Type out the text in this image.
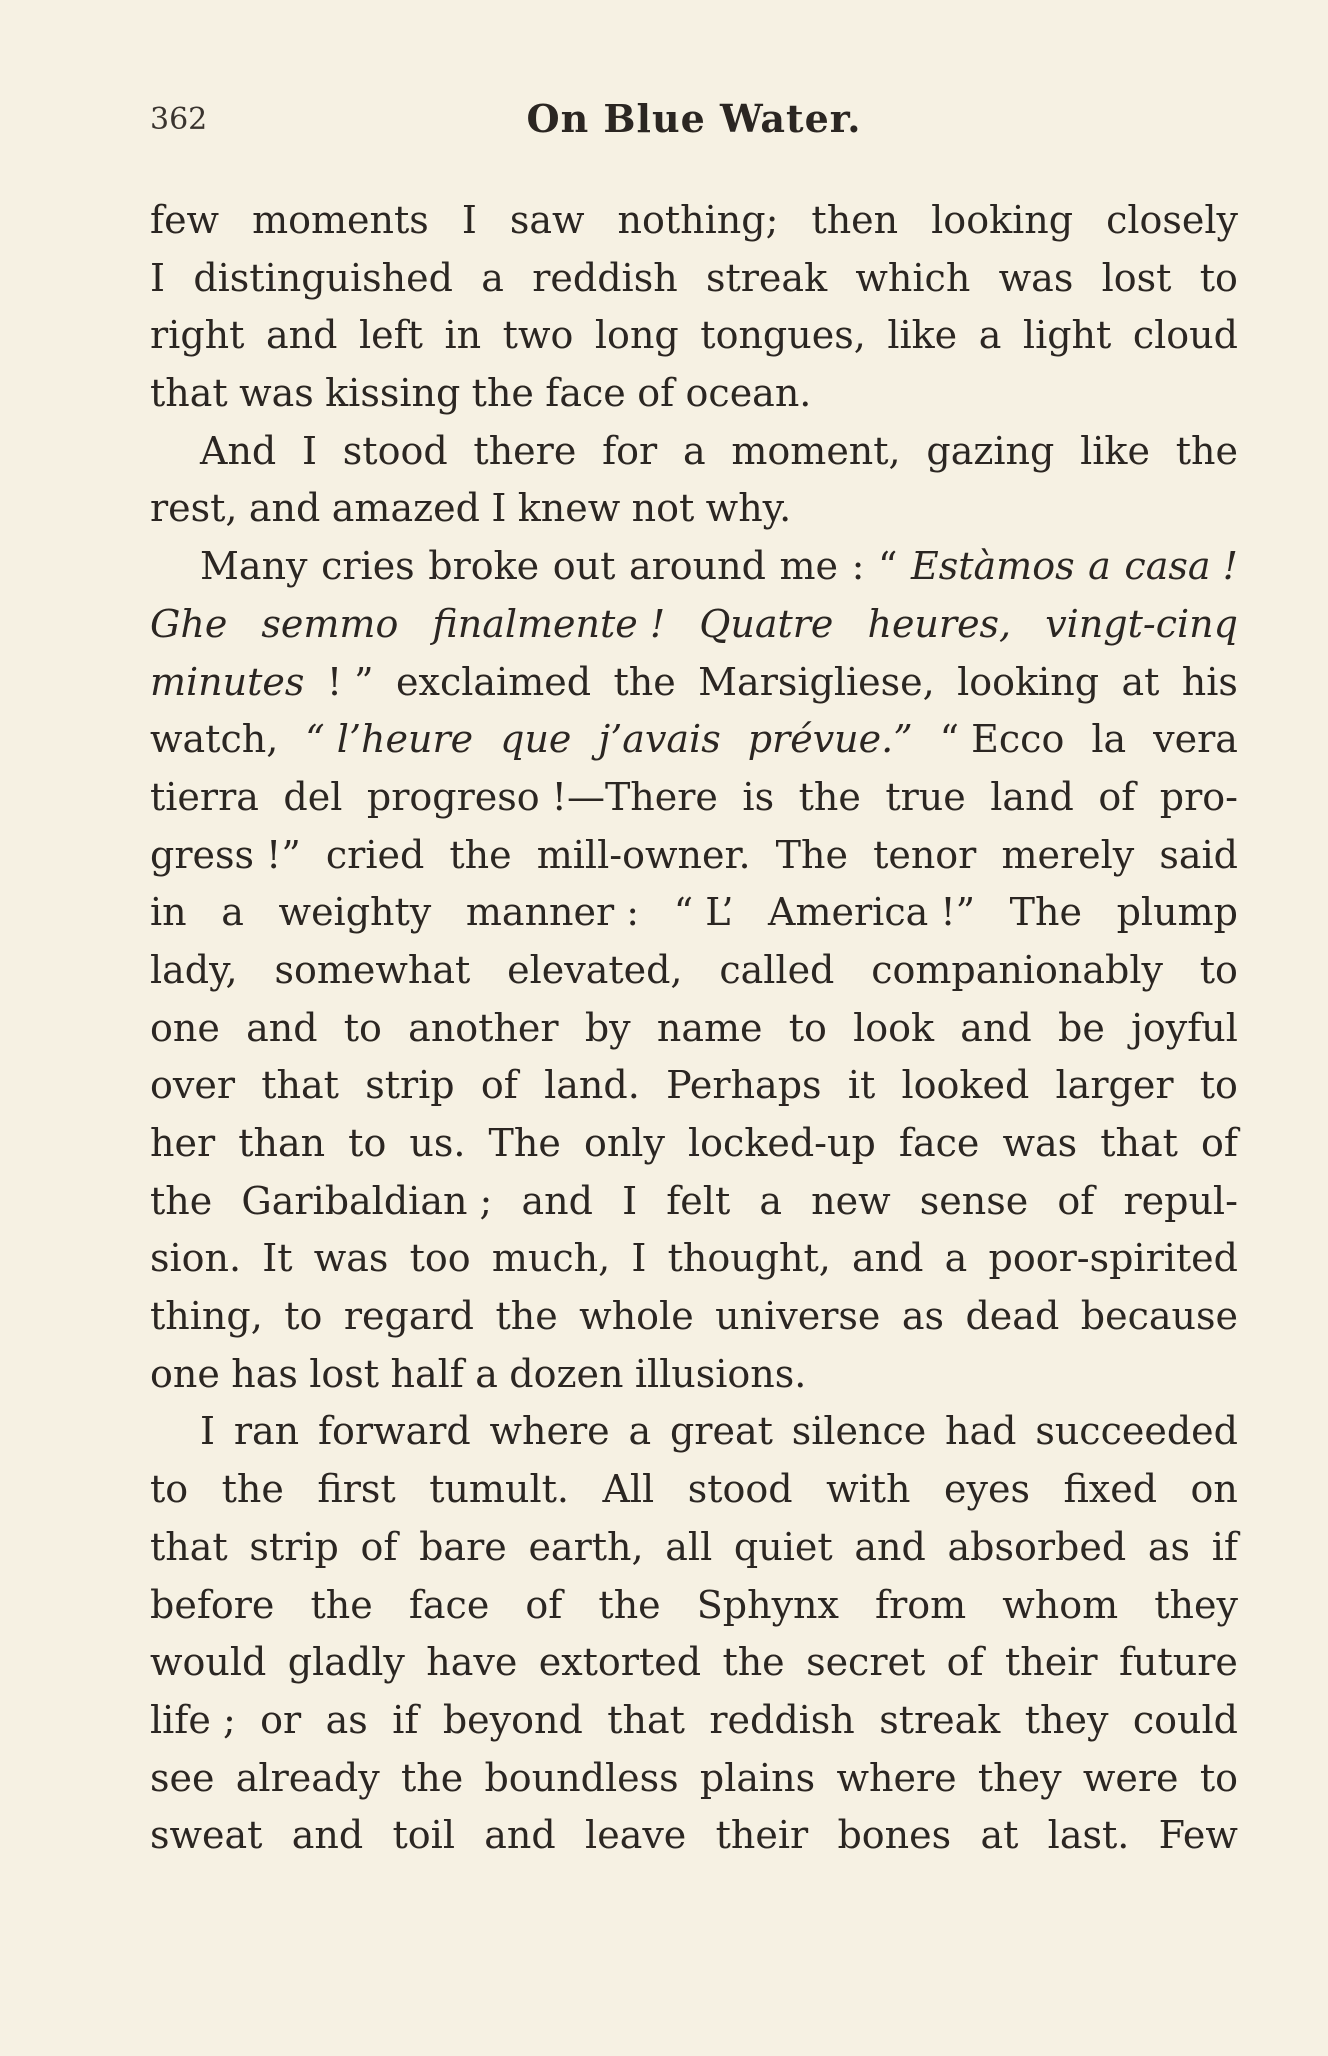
362	On Blue Water.
few moments I saw nothing; then looking closely
I distinguished a reddish streak which was lost to
right and left in two long tongues, like a light cloud
that was kissing the face of ocean.
And I stood there for a moment, gazing like the
rest, and amazed I knew not why.
Many cries broke out around me : “ Estàmos a casa !
Ghe semmo finalmente ! Quatre heures, vingt-cinq
minutes ! ” exclaimed the Marsigliese, looking at his
watch, “ l’heure que j’avais prévue.” “ Ecco la vera
tierra del progreso !—There is the true land of pro-
gress !” cried the mill-owner. The tenor merely said
in a weighty manner : “ L’ America !” The plump
lady, somewhat elevated, called companionably to
one and to another by name to look and be joyful
over that strip of land. Perhaps it looked larger to
her than to us. The only locked-up face was that of
the Garibaldian ; and I felt a new sense of repul-
sion. It was too much, I thought, and a poor-spirited
thing, to regard the whole universe as dead because
one has lost half a dozen illusions.
I ran forward where a great silence had succeeded
to the first tumult. All stood with eyes fixed on
that strip of bare earth, all quiet and absorbed as if
before the face of the Sphynx from whom they
would gladly have extorted the secret of their future
life ; or as if beyond that reddish streak they could
see already the boundless plains where they were to
sweat and toil and leave their bones at last. Few
